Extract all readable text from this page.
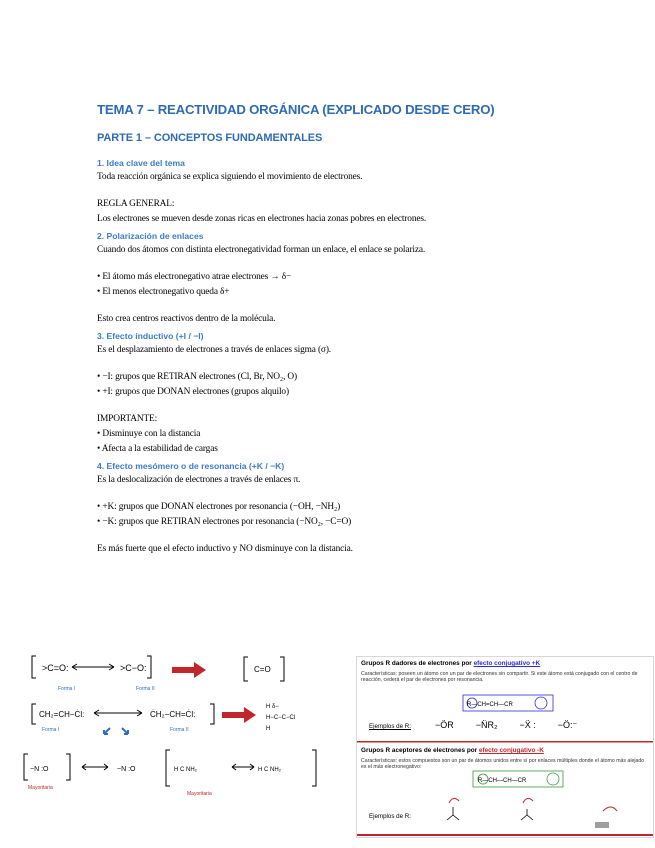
TEMA 7 – REACTIVIDAD ORGÁNICA (EXPLICADO DESDE CERO)
PARTE 1 – CONCEPTOS FUNDAMENTALES
1. Idea clave del tema

Toda reacción orgánica se explica siguiendo el movimiento de electrones.

REGLA GENERAL:

Los electrones se mueven desde zonas ricas en electrones hacia zonas pobres en electrones.

2. Polarización de enlaces

Cuando dos átomos con distinta electronegatividad forman un enlace, el enlace se polariza.

• El átomo más electronegativo atrae electrones → δ−

• El menos electronegativo queda δ+

Esto crea centros reactivos dentro de la molécula.

3. Efecto inductivo (+I / −I)

Es el desplazamiento de electrones a través de enlaces sigma (σ).

• −I: grupos que RETIRAN electrones (Cl, Br, NO₂, O)

• +I: grupos que DONAN electrones (grupos alquilo)

IMPORTANTE:

• Disminuye con la distancia

• Afecta a la estabilidad de cargas

4. Efecto mesómero o de resonancia (+K / −K)

Es la deslocalización de electrones a través de enlaces π.

• +K: grupos que DONAN electrones por resonancia (−OH, −NH₂)

• −K: grupos que RETIRAN electrones por resonancia (−NO₂, −C=O)

Es más fuerte que el efecto inductivo y NO disminuye con la distancia.

>C=O:	>C−O:	C=O
CH₂=CH−Ċl:	ĊH₂−CH=Ċl:
H δ−
H−C−C−Cl
H
−N :O	−N :O	H C NH₂	H C NH₂
Forma I	Forma II
Forma I	Forma II
Mayoritaria
Mayoritaria
Grupos R dadores de electrones por efecto conjugativo +K
Características: poseen un átomo con un par de electrones sin compartir. Si este átomo está conjugado con el centro de reacción, cederá el par de electrones por resonancia.
R—CH=CH—CR
R—CH—CH—CR
Ejemplos de R:	−ÖR −N̈R₂ −Ẍ : −Ö:⁻
Grupos R aceptores de electrones por efecto conjugativo -K
Características: estos compuestos son un par de átomos unidos entre sí por enlaces múltiples donde el átomo más alejado es el más electronegativo:
Ejemplos de R:
